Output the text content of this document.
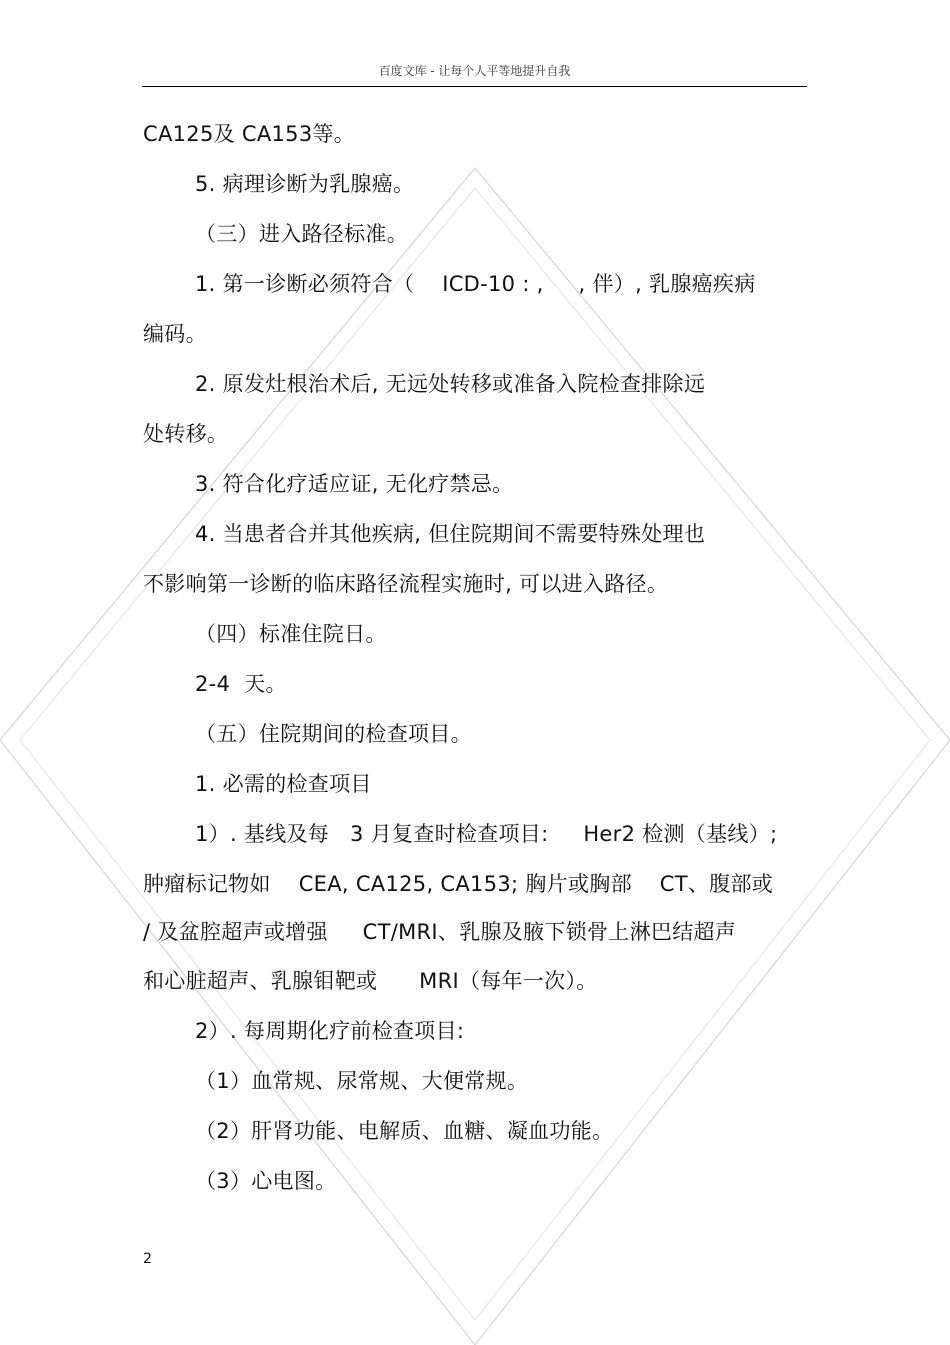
百度文库 - 让每个人平等地提升自我
CA125及 CA153等。
5. 病理诊断为乳腺癌。
（三）进入路径标准。
1. 第一诊断必须符合（    ICD-10 : ,     , 伴）, 乳腺癌疾病
编码。
2. 原发灶根治术后, 无远处转移或准备入院检查排除远
处转移。
3. 符合化疗适应证, 无化疗禁忌。
4. 当患者合并其他疾病, 但住院期间不需要特殊处理也
不影响第一诊断的临床路径流程实施时, 可以进入路径。
（四）标准住院日。
2-4  天。
（五）住院期间的检查项目。
1. 必需的检查项目
1）. 基线及每   3 月复查时检查项目:     Her2 检测（基线）;
肿瘤标记物如    CEA, CA125, CA153; 胸片或胸部    CT、腹部或
/ 及盆腔超声或增强     CT/MRI、乳腺及腋下锁骨上淋巴结超声
和心脏超声、乳腺钼靶或      MRI（每年一次）。
2）. 每周期化疗前检查项目:
（1）血常规、尿常规、大便常规。
（2）肝肾功能、电解质、血糖、凝血功能。
（3）心电图。
2
